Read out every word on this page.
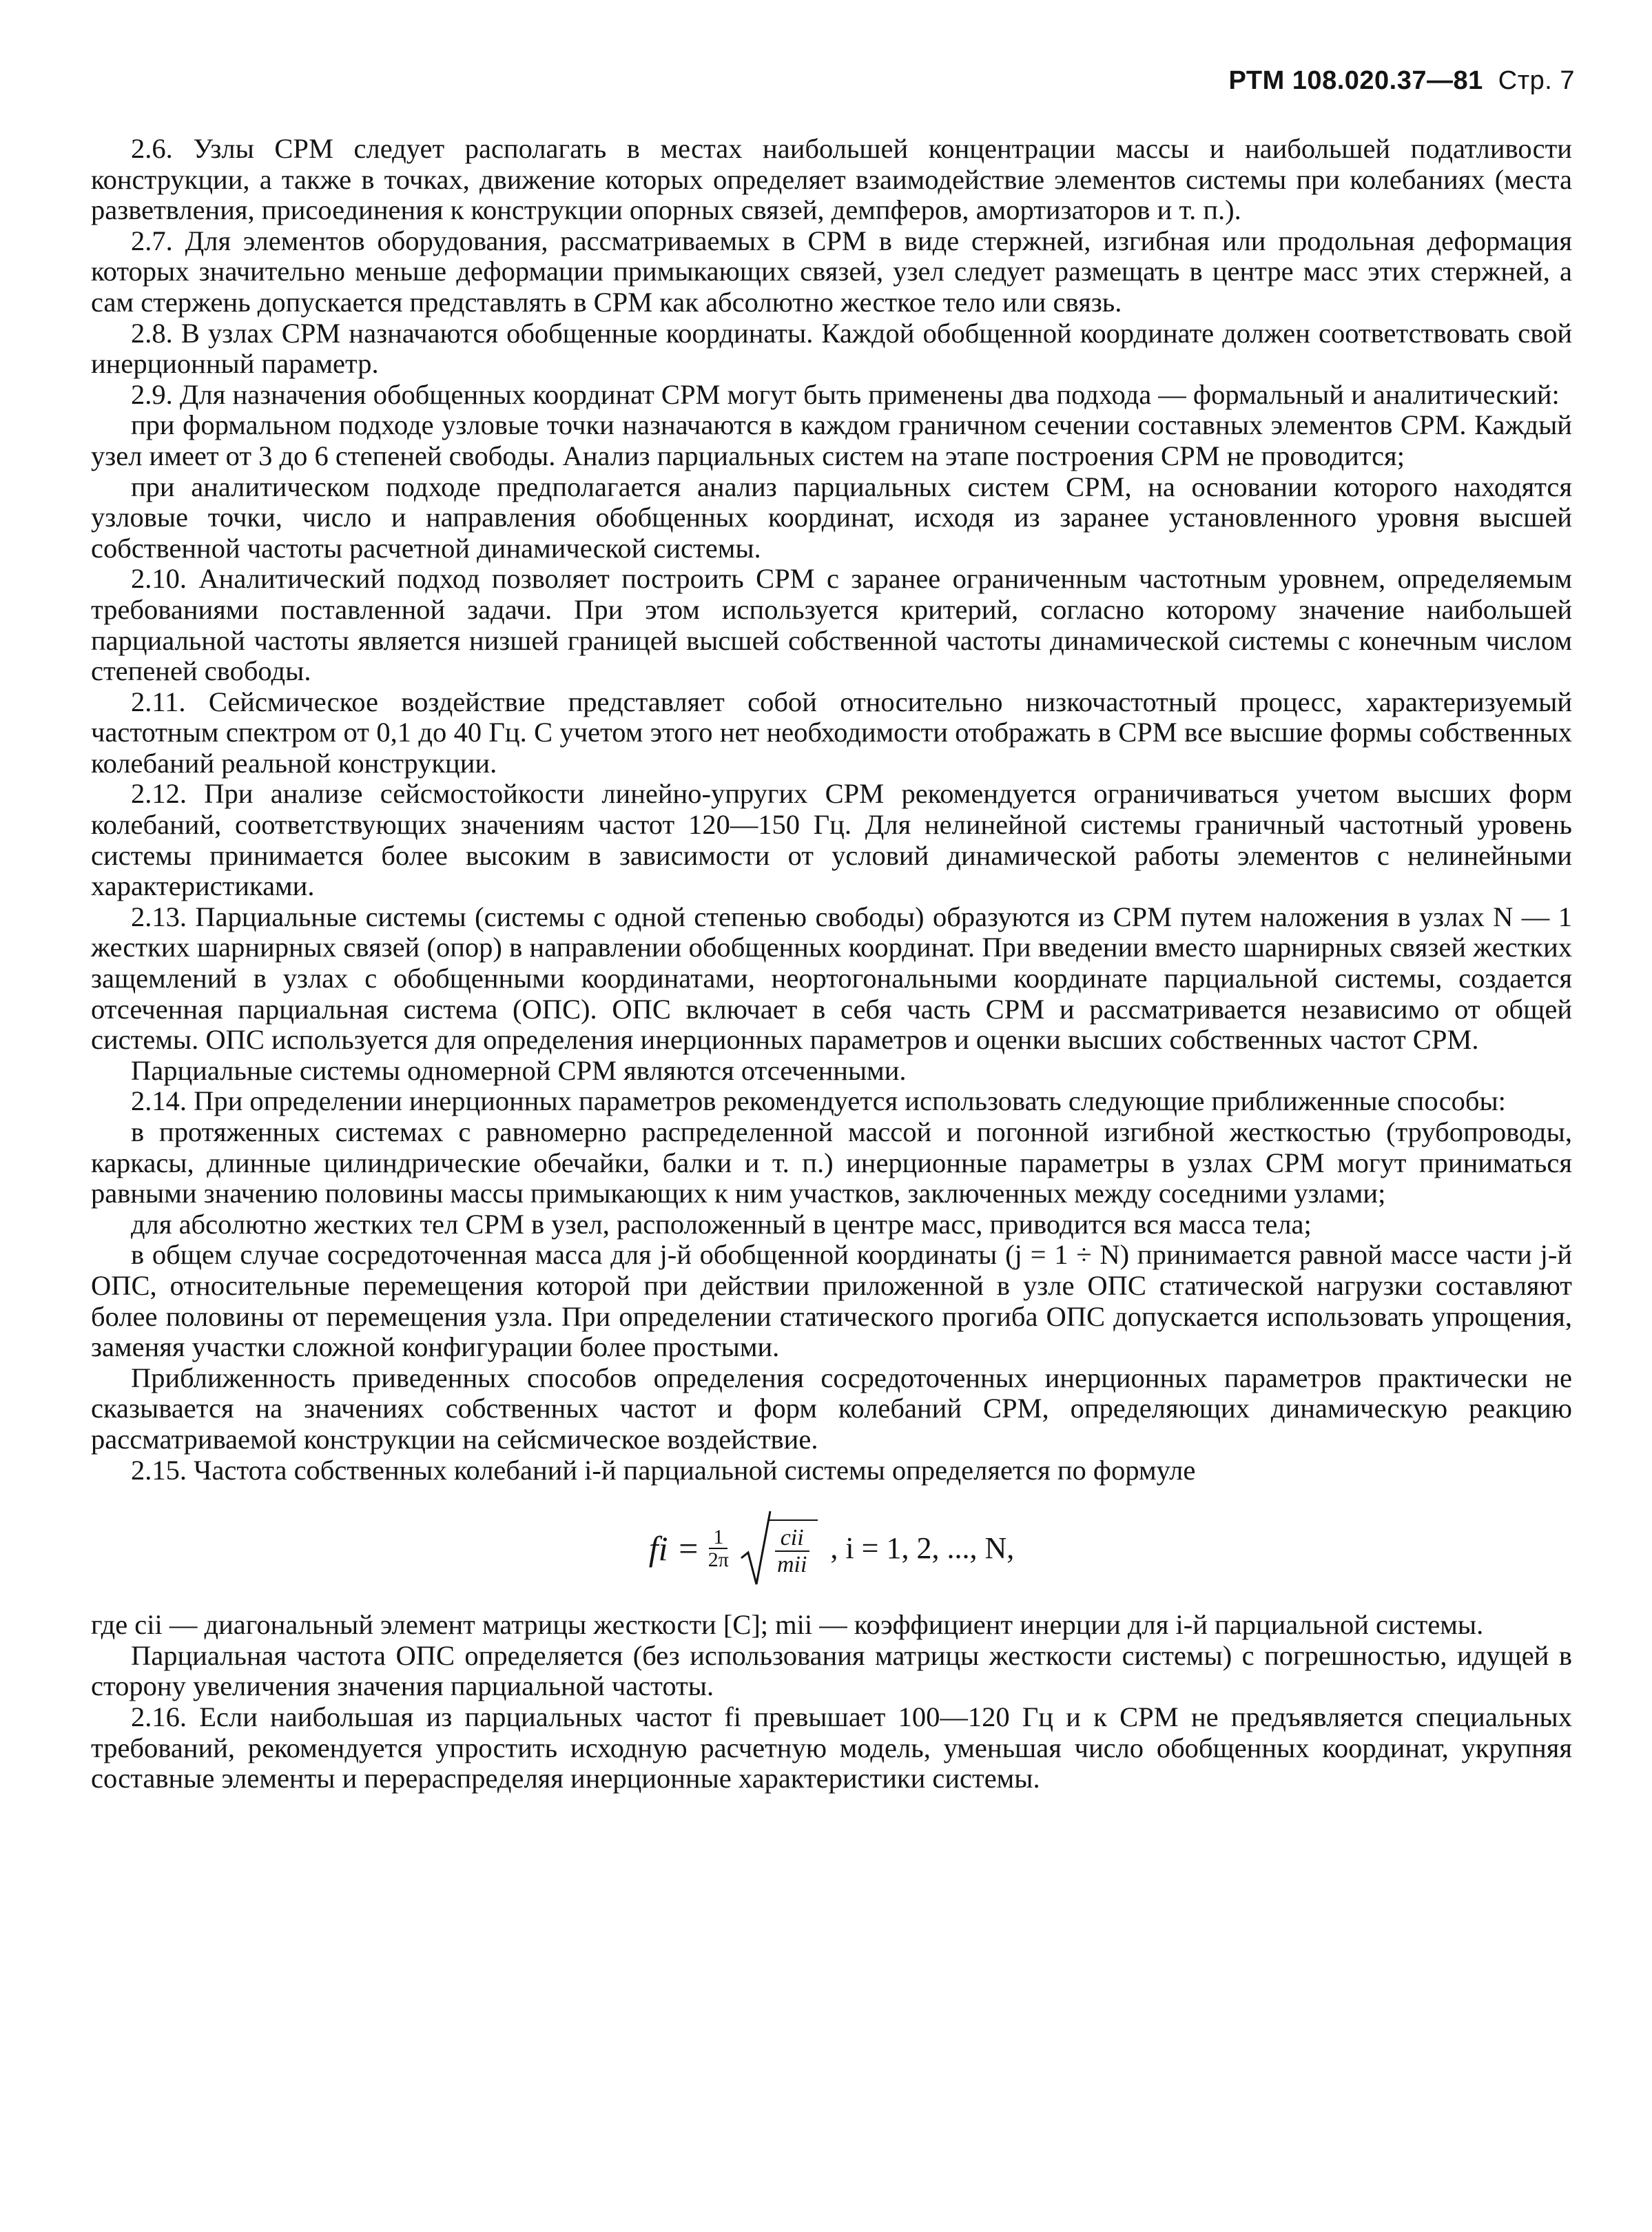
РТМ 108.020.37—81 Стр. 7

2.6. Узлы СРМ следует располагать в местах наибольшей концентрации массы и наибольшей податливости конструкции, а также в точках, движение которых определяет взаимодействие элементов системы при колебаниях (места разветвления, присоединения к конструкции опорных связей, демпферов, амортизаторов и т. п.).

2.7. Для элементов оборудования, рассматриваемых в СРМ в виде стержней, изгибная или продольная деформация которых значительно меньше деформации примыкающих связей, узел следует размещать в центре масс этих стержней, а сам стержень допускается представлять в СРМ как абсолютно жесткое тело или связь.

2.8. В узлах СРМ назначаются обобщенные координаты. Каждой обобщенной координате должен соответствовать свой инерционный параметр.

2.9. Для назначения обобщенных координат СРМ могут быть применены два подхода — формальный и аналитический:

при формальном подходе узловые точки назначаются в каждом граничном сечении составных элементов СРМ. Каждый узел имеет от 3 до 6 степеней свободы. Анализ парциальных систем на этапе построения СРМ не проводится;

при аналитическом подходе предполагается анализ парциальных систем СРМ, на основании которого находятся узловые точки, число и направления обобщенных координат, исходя из заранее установленного уровня высшей собственной частоты расчетной динамической системы.

2.10. Аналитический подход позволяет построить СРМ с заранее ограниченным частотным уровнем, определяемым требованиями поставленной задачи. При этом используется критерий, согласно которому значение наибольшей парциальной частоты является низшей границей высшей собственной частоты динамической системы с конечным числом степеней свободы.

2.11. Сейсмическое воздействие представляет собой относительно низкочастотный процесс, характеризуемый частотным спектром от 0,1 до 40 Гц. С учетом этого нет необходимости отображать в СРМ все высшие формы собственных колебаний реальной конструкции.

2.12. При анализе сейсмостойкости линейно-упругих СРМ рекомендуется ограничиваться учетом высших форм колебаний, соответствующих значениям частот 120—150 Гц. Для нелинейной системы граничный частотный уровень системы принимается более высоким в зависимости от условий динамической работы элементов с нелинейными характеристиками.

2.13. Парциальные системы (системы с одной степенью свободы) образуются из СРМ путем наложения в узлах N — 1 жестких шарнирных связей (опор) в направлении обобщенных координат. При введении вместо шарнирных связей жестких защемлений в узлах с обобщенными координатами, неортогональными координате парциальной системы, создается отсеченная парциальная система (ОПС). ОПС включает в себя часть СРМ и рассматривается независимо от общей системы. ОПС используется для определения инерционных параметров и оценки высших собственных частот СРМ.

Парциальные системы одномерной СРМ являются отсеченными.

2.14. При определении инерционных параметров рекомендуется использовать следующие приближенные способы:

в протяженных системах с равномерно распределенной массой и погонной изгибной жесткостью (трубопроводы, каркасы, длинные цилиндрические обечайки, балки и т. п.) инерционные параметры в узлах СРМ могут приниматься равными значению половины массы примыкающих к ним участков, заключенных между соседними узлами;

для абсолютно жестких тел СРМ в узел, расположенный в центре масс, приводится вся масса тела;

в общем случае сосредоточенная масса для j-й обобщенной координаты (j = 1 ÷ N) принимается равной массе части j-й ОПС, относительные перемещения которой при действии приложенной в узле ОПС статической нагрузки составляют более половины от перемещения узла. При определении статического прогиба ОПС допускается использовать упрощения, заменяя участки сложной конфигурации более простыми.

Приближенность приведенных способов определения сосредоточенных инерционных параметров практически не сказывается на значениях собственных частот и форм колебаний СРМ, определяющих динамическую реакцию рассматриваемой конструкции на сейсмическое воздействие.

2.15. Частота собственных колебаний i-й парциальной системы определяется по формуле

fi = $\frac{1}{2\pi} \frac{\text{cii}}{\text{mii}}$ , i = 1, 2, ..., N,

где cii — диагональный элемент матрицы жесткости [C]; mii — коэффициент инерции для i-й парциальной системы.

Парциальная частота ОПС определяется (без использования матрицы жесткости системы) с погрешностью, идущей в сторону увеличения значения парциальной частоты.

2.16. Если наибольшая из парциальных частот fi превышает 100—120 Гц и к СРМ не предъявляется специальных требований, рекомендуется упростить исходную расчетную модель, уменьшая число обобщенных координат, укрупняя составные элементы и перераспределяя инерционные характеристики системы.
